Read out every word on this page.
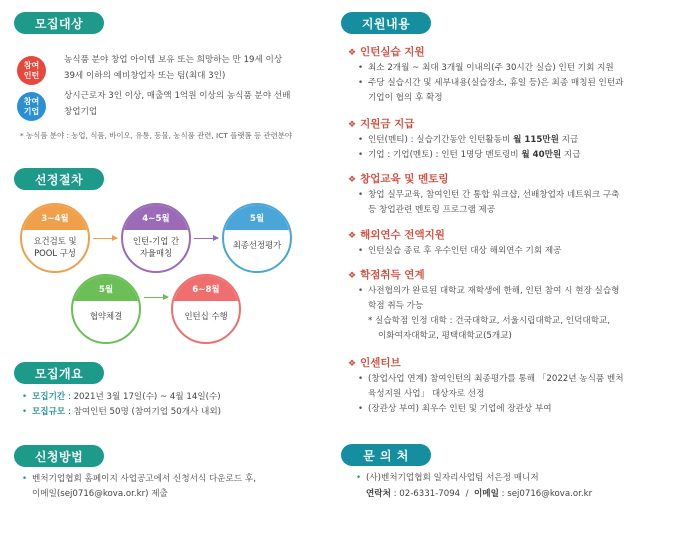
모집대상
참여
인턴
농식품 분야 창업 아이템 보유 또는 희망하는 만 19세 이상
39세 이하의 예비창업자 또는 팀(최대 3인)
참여
기업
상시근로자 3인 이상, 매출액 1억원 이상의 농식품 분야 선배
창업기업
* 농식품 분야 : 농업, 식품, 바이오, 유통, 동물, 농식품 관련, ICT 플랫폼 등 관련분야
선정절차
3~4월
요건검토 및
POOL 구성
4~5월
인턴-기업 간
자율매칭
5월
최종선정평가
5월
협약체결
6~8월
인턴십 수행
모집개요
• 모집기간 : 2021년 3월 17일(수) ~ 4월 14일(수)
• 모집규모 : 참여인턴 50명 (참여기업 50개사 내외)
신청방법
• 벤처기업협회 홈페이지 사업공고에서 신청서식 다운로드 후,
이메일(sej0716@kova.or.kr) 제출
지원내용
❖ 인턴실습 지원
• 최소 2개월 ~ 최대 3개월 이내의(주 30시간 실습) 인턴 기회 지원
• 주당 실습시간 및 세부내용(실습장소, 휴일 등)은 최종 매칭된 인턴과
기업이 협의 후 확정
❖ 지원금 지급
• 인턴(멘티) : 실습기간동안 인턴활동비 월 115만원 지급
• 기업 : 기업(멘토) : 인턴 1명당 멘토링비 월 40만원 지급
❖ 창업교육 및 멘토링
• 창업 실무교육, 참여인턴 간 통합 워크샵, 선배창업자 네트워크 구축
등 창업관련 멘토링 프로그램 제공
❖ 해외연수 전액지원
• 인턴실습 종료 후 우수인턴 대상 해외연수 기회 제공
❖ 학점취득 연계
• 사전협의가 완료된 대학교 재학생에 한해, 인턴 참여 시 현장 실습형
학점 취득 가능
* 실습학점 인정 대학 : 건국대학교, 서울시립대학교, 인덕대학교,
이화여자대학교, 평택대학교(5개교)
❖ 인센티브
• (창업사업 연계) 참여인턴의 최종평가를 통해 「2022년 농식품 벤처
육성지원 사업」 대상자로 선정
• (장관상 부여) 최우수 인턴 및 기업에 장관상 부여
문 의 처
• (사)벤처기업협회 일자리사업팀 서은정 매니저
연락처 : 02-6331-7094  /  이메일 : sej0716@kova.or.kr
